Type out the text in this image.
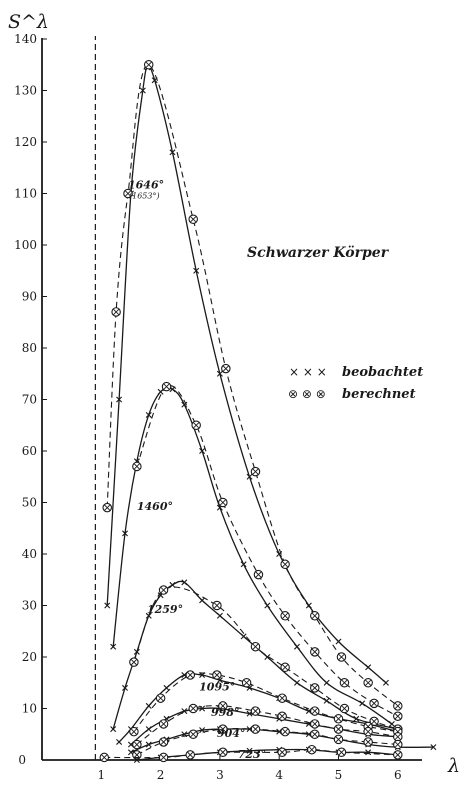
1	2	3	4	5	6
0
10
20
30
40
50
60
70
80
90
100
110
120
130
140
S^λ
λ
Schwarzer Körper
× × × beobachtet
⊗ ⊗ ⊗ berechnet
1646°
(1653°)
1460°
1259°
1095°
998°
904°
723°
